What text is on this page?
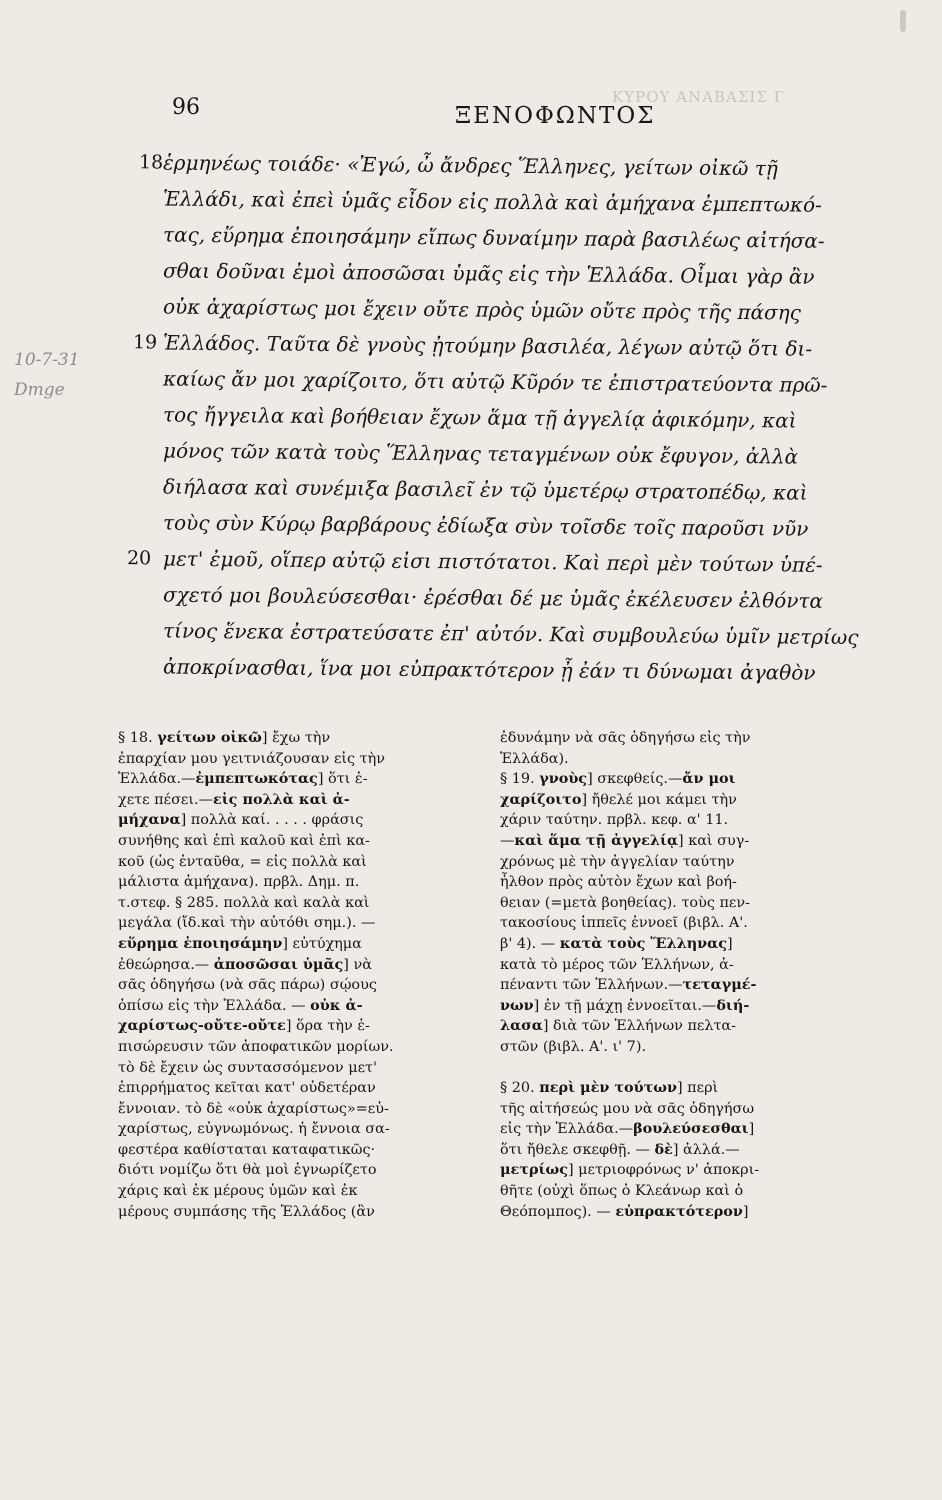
ΚΥΡΟΥ ΑΝΑΒΑΣΙΣ Γ
96	ΞΕΝΟΦΩΝΤΟΣ
10-7-31
Dmge
18 ἑρμηνέως τοιάδε· «Ἐγώ, ὦ ἄνδρες Ἕλληνες, γείτων οἰκῶ τῇ
Ἑλλάδι, καὶ ἐπεὶ ὑμᾶς εἶδον εἰς πολλὰ καὶ ἀμήχανα ἐμπεπτωκό-
τας, εὕρημα ἐποιησάμην εἴπως δυναίμην παρὰ βασιλέως αἰτήσα-
σθαι δοῦναι ἐμοὶ ἀποσῶσαι ὑμᾶς εἰς τὴν Ἑλλάδα. Οἶμαι γὰρ ἂν
οὐκ ἀχαρίστως μοι ἔχειν οὔτε πρὸς ὑμῶν οὔτε πρὸς τῆς πάσης
19 Ἑλλάδος. Ταῦτα δὲ γνοὺς ᾐτούμην βασιλέα, λέγων αὐτῷ ὅτι δι-
καίως ἄν μοι χαρίζοιτο, ὅτι αὐτῷ Κῦρόν τε ἐπιστρατεύοντα πρῶ-
τος ἤγγειλα καὶ βοήθειαν ἔχων ἅμα τῇ ἀγγελίᾳ ἀφικόμην, καὶ
μόνος τῶν κατὰ τοὺς Ἕλληνας τεταγμένων οὐκ ἔφυγον, ἀλλὰ
διήλασα καὶ συνέμιξα βασιλεῖ ἐν τῷ ὑμετέρῳ στρατοπέδῳ, καὶ
τοὺς σὺν Κύρῳ βαρβάρους ἐδίωξα σὺν τοῖσδε τοῖς παροῦσι νῦν
20 μετ' ἐμοῦ, οἵπερ αὐτῷ εἰσι πιστότατοι. Καὶ περὶ μὲν τούτων ὑπέ-
σχετό μοι βουλεύσεσθαι· ἐρέσθαι δέ με ὑμᾶς ἐκέλευσεν ἐλθόντα
τίνος ἕνεκα ἐστρατεύσατε ἐπ' αὐτόν. Καὶ συμβουλεύω ὑμῖν μετρίως
ἀποκρίνασθαι, ἵνα μοι εὐπρακτότερον ᾖ ἐάν τι δύνωμαι ἀγαθὸν
§ 18. γείτων οἰκῶ] ἔχω τὴν
ἐπαρχίαν μου γειτνιάζουσαν εἰς τὴν
Ἑλλάδα.—ἐμπεπτωκότας] ὅτι ἐ-
χετε πέσει.—εἰς πολλὰ καὶ ἀ-
μήχανα] πολλὰ καί. . . . . φράσις
συνήθης καὶ ἐπὶ καλοῦ καὶ ἐπὶ κα-
κοῦ (ὡς ἐνταῦθα, = εἰς πολλὰ καὶ
μάλιστα ἀμήχανα). πρβλ. Δημ. π.
τ.στεφ. § 285. πολλὰ καὶ καλὰ καὶ
μεγάλα (ἴδ.καὶ τὴν αὐτόθι σημ.). —
εὕρημα ἐποιησάμην] εὐτύχημα
ἐθεώρησα.— ἀποσῶσαι ὑμᾶς] νὰ
σᾶς ὁδηγήσω (νὰ σᾶς πάρω) σῴους
ὀπίσω εἰς τὴν Ἑλλάδα. — οὐκ ἀ-
χαρίστως-οὔτε-οὔτε] ὅρα τὴν ἐ-
πισώρευσιν τῶν ἀποφατικῶν μορίων.
τὸ δὲ ἔχειν ὡς συντασσόμενον μετ'
ἐπιρρήματος κεῖται κατ' οὐδετέραν
ἔννοιαν. τὸ δὲ «οὐκ ἀχαρίστως»=εὐ-
χαρίστως, εὐγνωμόνως. ἡ ἔννοια σα-
φεστέρα καθίσταται καταφατικῶς·
διότι νομίζω ὅτι θὰ μοὶ ἐγνωρίζετο
χάρις καὶ ἐκ μέρους ὑμῶν καὶ ἐκ
μέρους συμπάσης τῆς Ἑλλάδος (ἂν
ἐδυνάμην νὰ σᾶς ὁδηγήσω εἰς τὴν
Ἑλλάδα).
§ 19. γνοὺς] σκεφθείς.—ἄν μοι
χαρίζοιτο] ἤθελέ μοι κάμει τὴν
χάριν ταύτην. πρβλ. κεφ. α' 11.
—καὶ ἅμα τῇ ἀγγελίᾳ] καὶ συγ-
χρόνως μὲ τὴν ἀγγελίαν ταύτην
ἦλθον πρὸς αὐτὸν ἔχων καὶ βοή-
θειαν (=μετὰ βοηθείας). τοὺς πεν-
τακοσίους ἱππεῖς ἐννοεῖ (βιβλ. Α'.
β' 4). — κατὰ τοὺς Ἕλληνας]
κατὰ τὸ μέρος τῶν Ἑλλήνων, ἀ-
πέναντι τῶν Ἑλλήνων.—τεταγμέ-
νων] ἐν τῇ μάχῃ ἐννοεῖται.—διή-
λασα] διὰ τῶν Ἑλλήνων πελτα-
στῶν (βιβλ. Α'. ι' 7).
§ 20. περὶ μὲν τούτων] περὶ
τῆς αἰτήσεώς μου νὰ σᾶς ὁδηγήσω
εἰς τὴν Ἑλλάδα.—βουλεύσεσθαι]
ὅτι ἤθελε σκεφθῇ. — δὲ] ἀλλά.—
μετρίως] μετριοφρόνως ν' ἀποκρι-
θῆτε (οὐχὶ ὅπως ὁ Κλεάνωρ καὶ ὁ
Θεόπομπος). — εὐπρακτότερον]
